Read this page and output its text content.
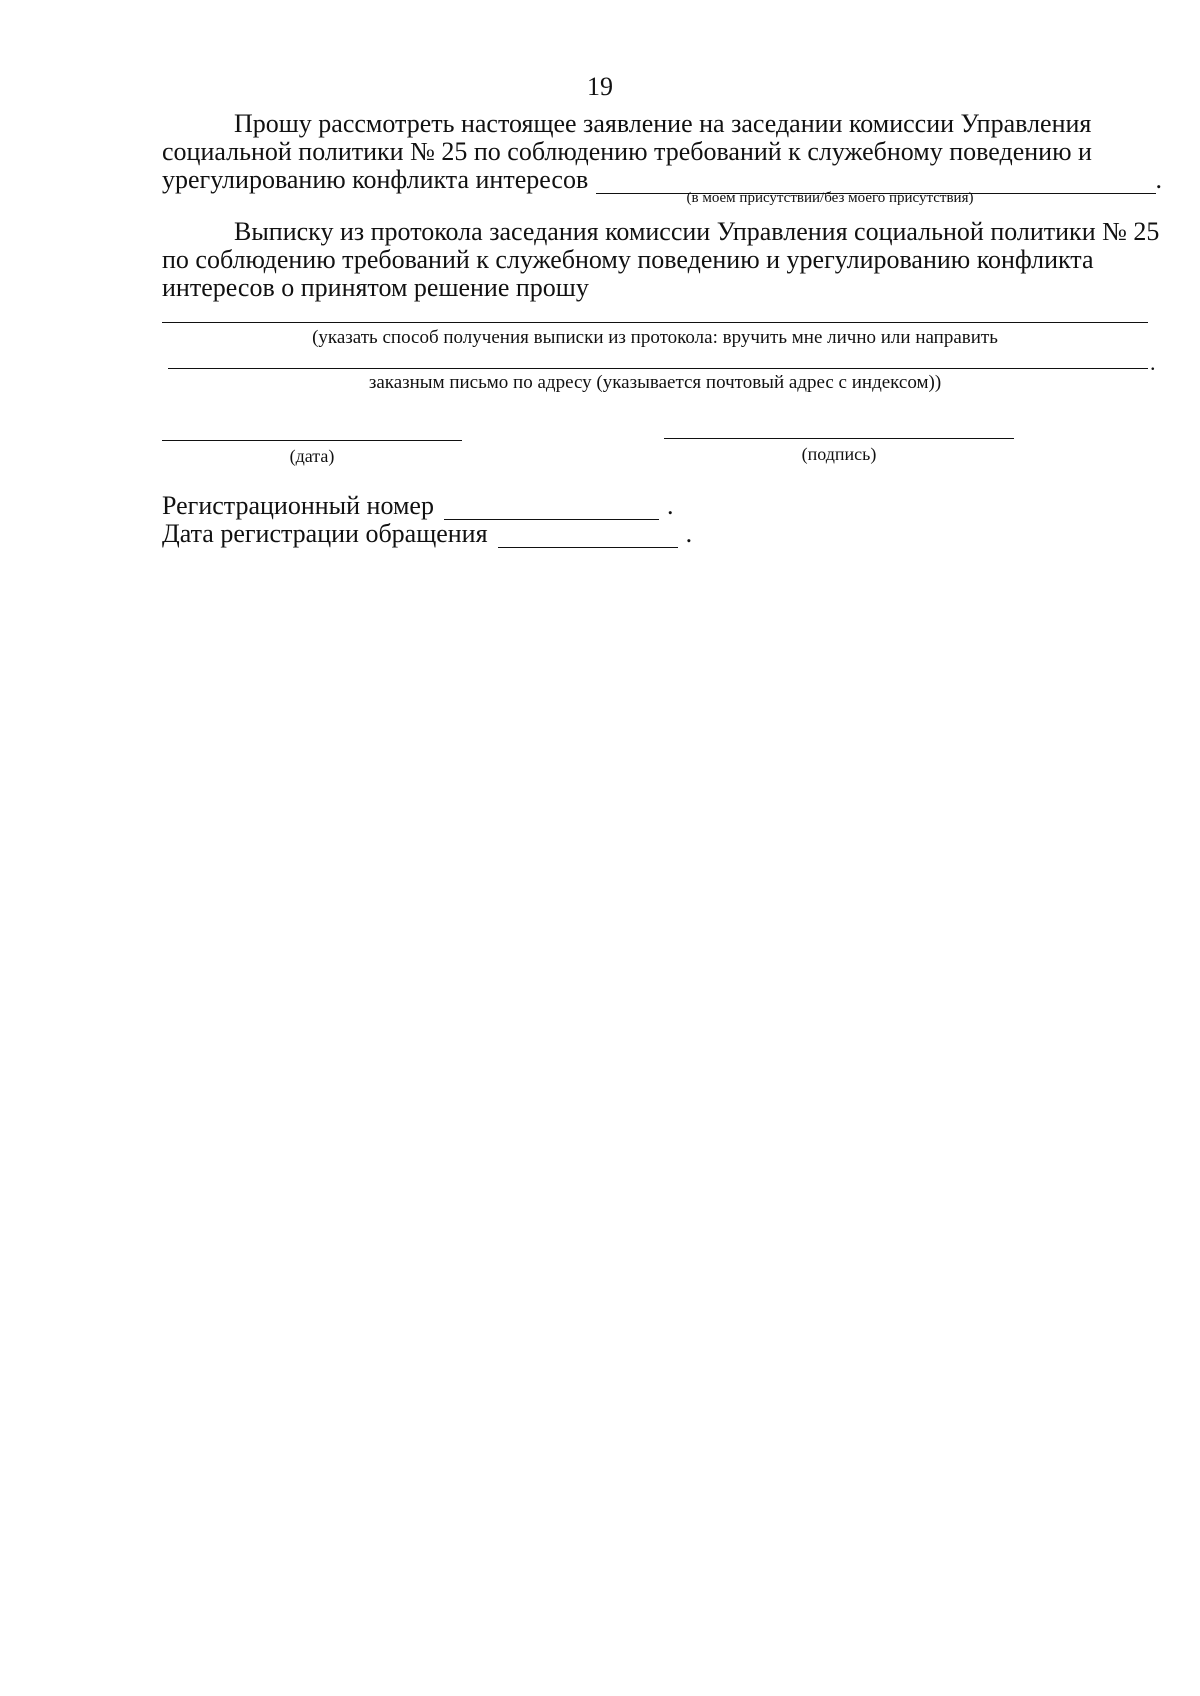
19
Прошу рассмотреть настоящее заявление на заседании комиссии Управления
социальной политики № 25 по соблюдению требований к служебному поведению и
урегулированию конфликта интересов	.
(в моем присутствии/без моего присутствия)
Выписку из протокола заседания комиссии Управления социальной политики № 25
по соблюдению требований к служебному поведению и урегулированию конфликта
интересов о принятом решение прошу
(указать способ получения выписки из протокола: вручить мне лично или направить
.
заказным письмо по адресу (указывается почтовый адрес с индексом))
(дата)	(подпись)
Регистрационный номер	.
Дата регистрации обращения	.
